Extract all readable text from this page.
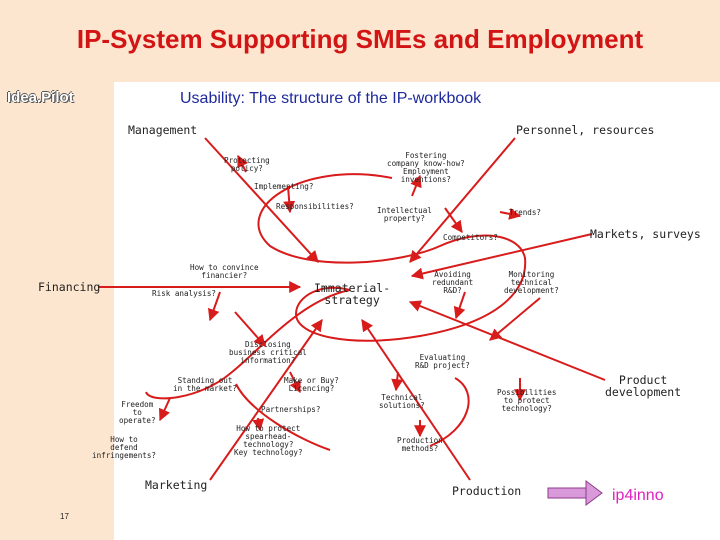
IP-System Supporting SMEs and Employment
Idea.Pilot	Usability: The structure of the IP-workbook
Management	Personnel, resources
Markets, surveys
Financing
Product
development
Marketing	Production
Immaterial-
strategy
Protecting
policy?
Implementing?
Responsibilities?
Fostering
company know-how?
Employment
inventions?
Intellectual
property?
Trends?
Competitors?
Avoiding
redundant
R&D?
Monitoring
technical
development?
How to convince
financier?
Risk analysis?
Disclosing
business critical
information?	Evaluating
R&D project?
Standing out
in the market?
Make or Buy?
Licencing?
Freedom
to
operate?
Partnerships?
Technical
solutions?
Possibilities
to protect
technology?
How to
defend
infringements?
How to protect
spearhead-
technology?
Key technology?
Production
methods?
17
ip4inno
